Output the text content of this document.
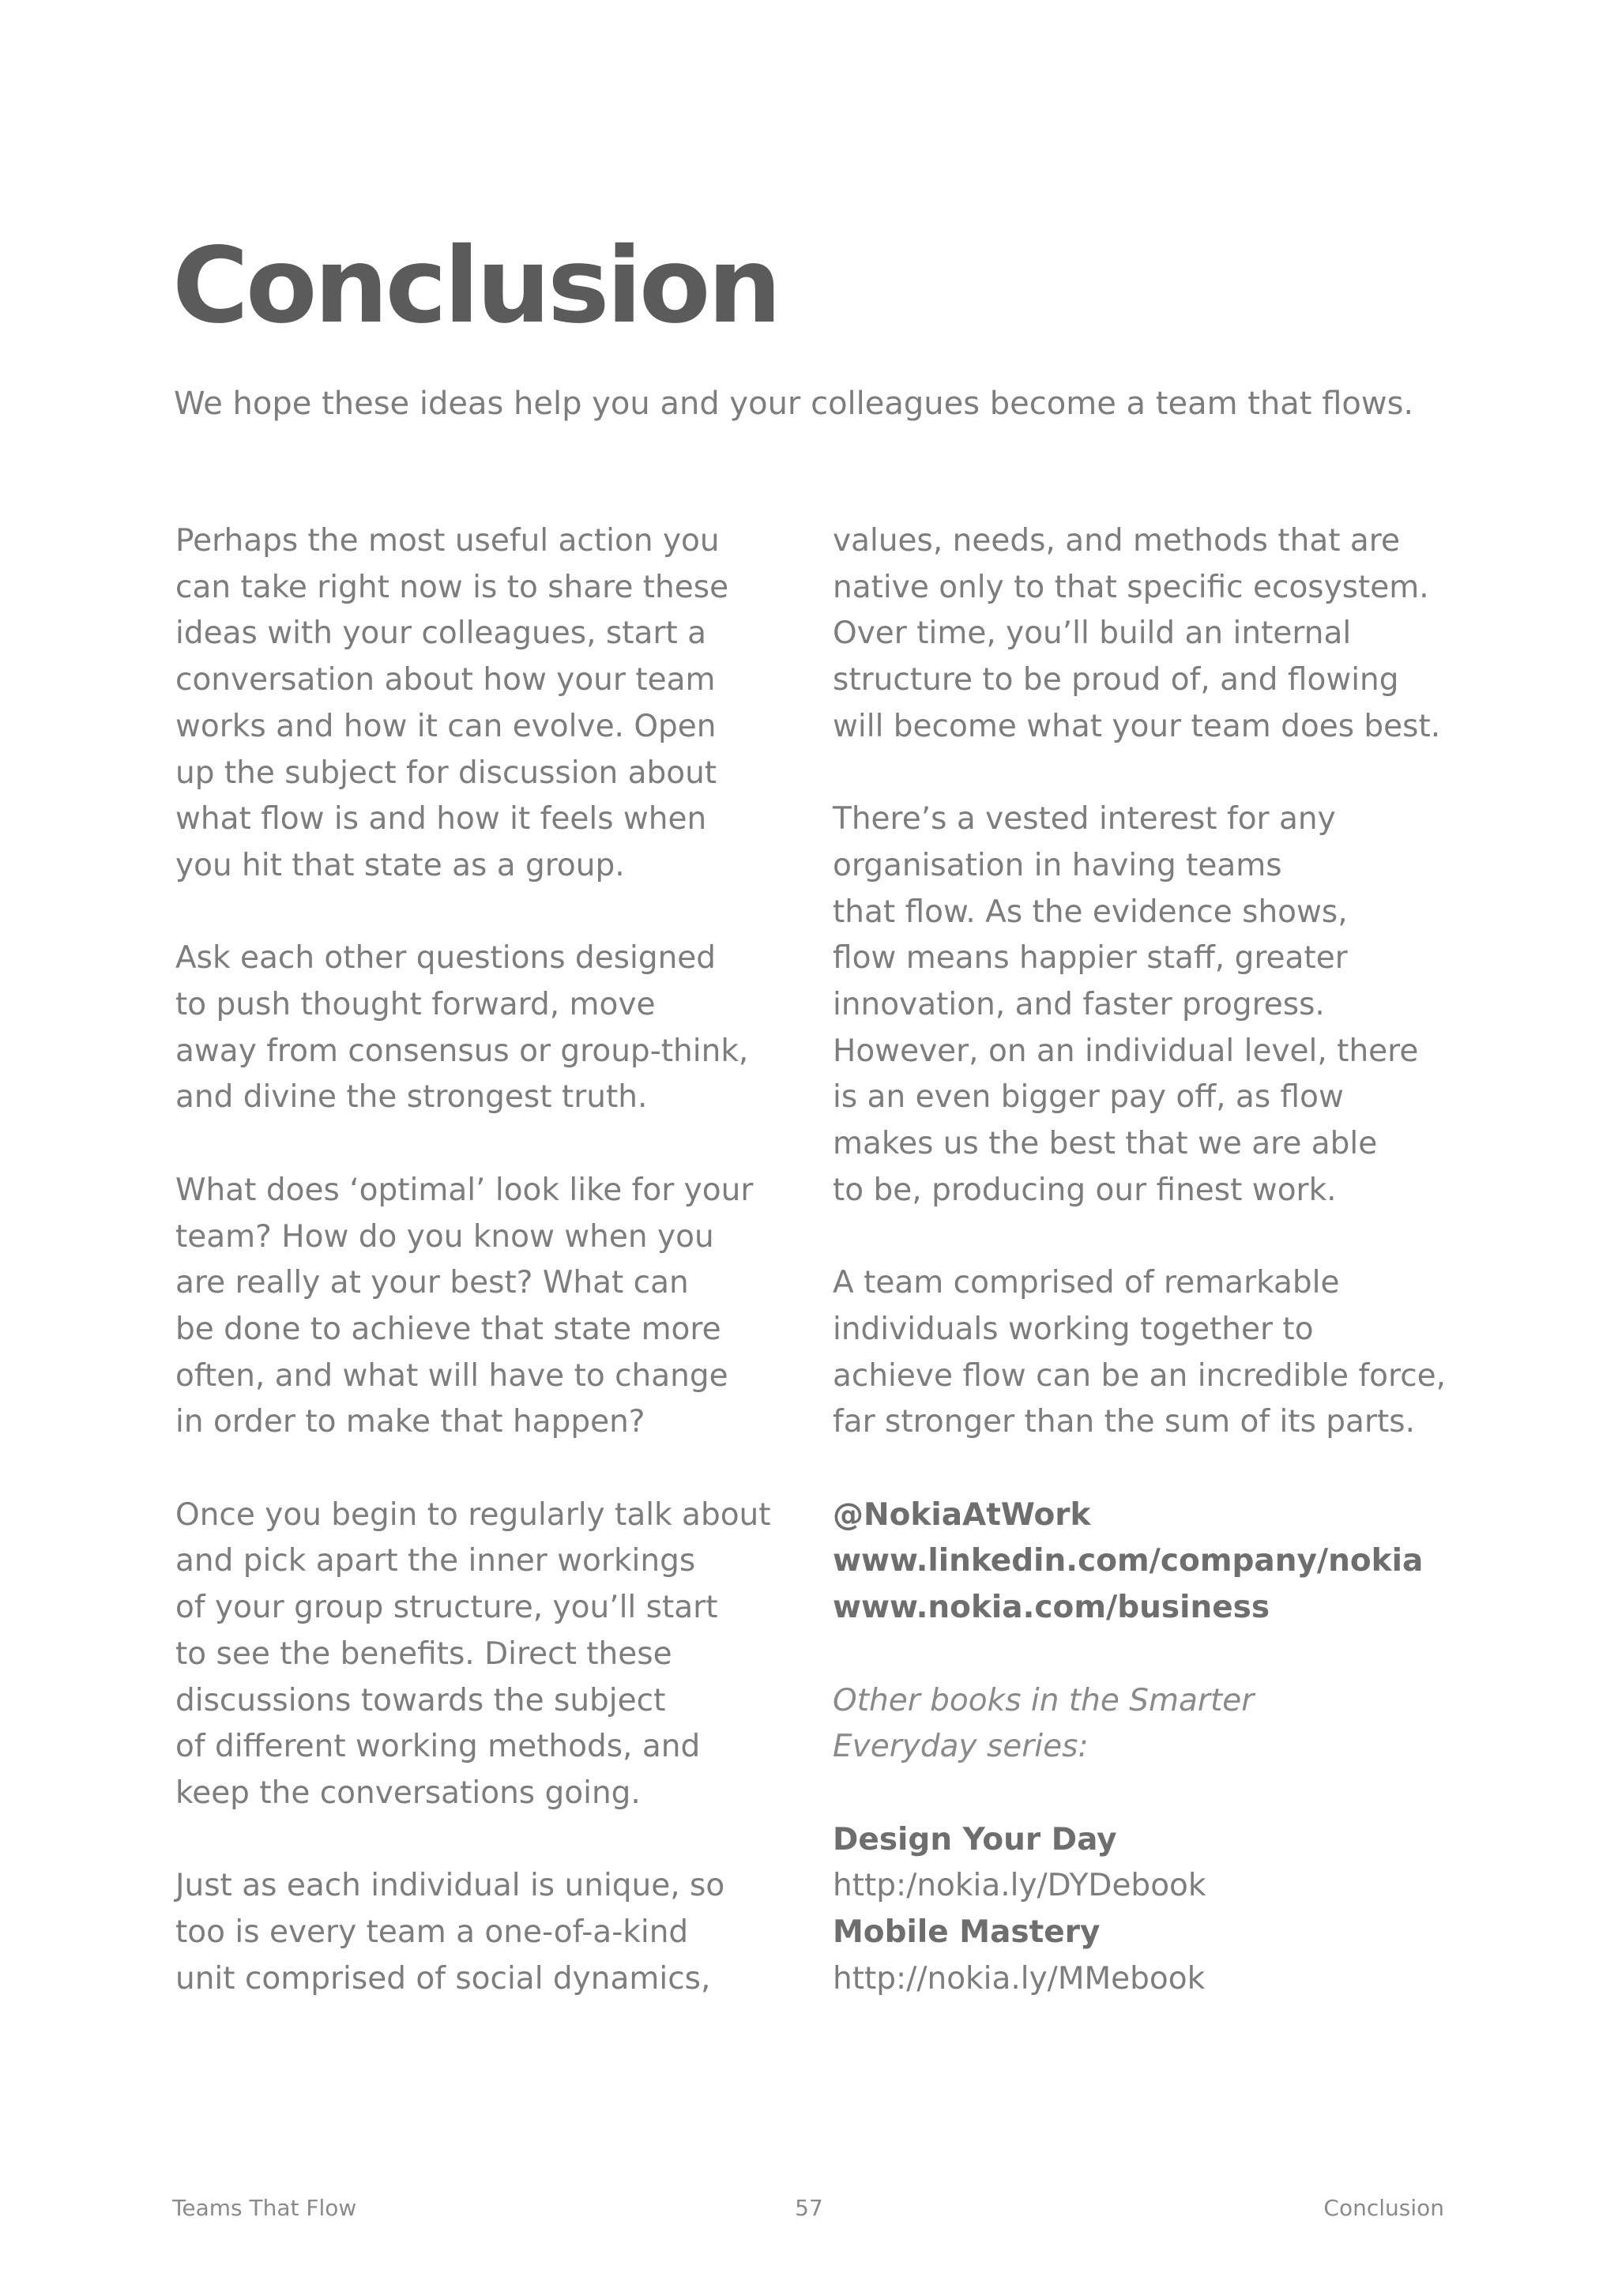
Conclusion

We hope these ideas help you and your colleagues become a team that flows.

Perhaps the most useful action you
can take right now is to share these
ideas with your colleagues, start a
conversation about how your team
works and how it can evolve. Open
up the subject for discussion about
what flow is and how it feels when
you hit that state as a group.

Ask each other questions designed
to push thought forward, move
away from consensus or group-think,
and divine the strongest truth.

What does ‘optimal’ look like for your
team? How do you know when you
are really at your best? What can
be done to achieve that state more
often, and what will have to change
in order to make that happen?

Once you begin to regularly talk about
and pick apart the inner workings
of your group structure, you’ll start
to see the benefits. Direct these
discussions towards the subject
of different working methods, and
keep the conversations going.

Just as each individual is unique, so
too is every team a one-of-a-kind
unit comprised of social dynamics,

values, needs, and methods that are
native only to that specific ecosystem.
Over time, you’ll build an internal
structure to be proud of, and flowing
will become what your team does best.

There’s a vested interest for any
organisation in having teams
that flow. As the evidence shows,
flow means happier staff, greater
innovation, and faster progress.
However, on an individual level, there
is an even bigger pay off, as flow
makes us the best that we are able
to be, producing our finest work.

A team comprised of remarkable
individuals working together to
achieve flow can be an incredible force,
far stronger than the sum of its parts.

@NokiaAtWork
www.linkedin.com/company/nokia
www.nokia.com/business

Other books in the Smarter
Everyday series:

Design Your Day
http:/nokia.ly/DYDebook
Mobile Mastery
http://nokia.ly/MMebook

Teams That Flow	57	Conclusion
